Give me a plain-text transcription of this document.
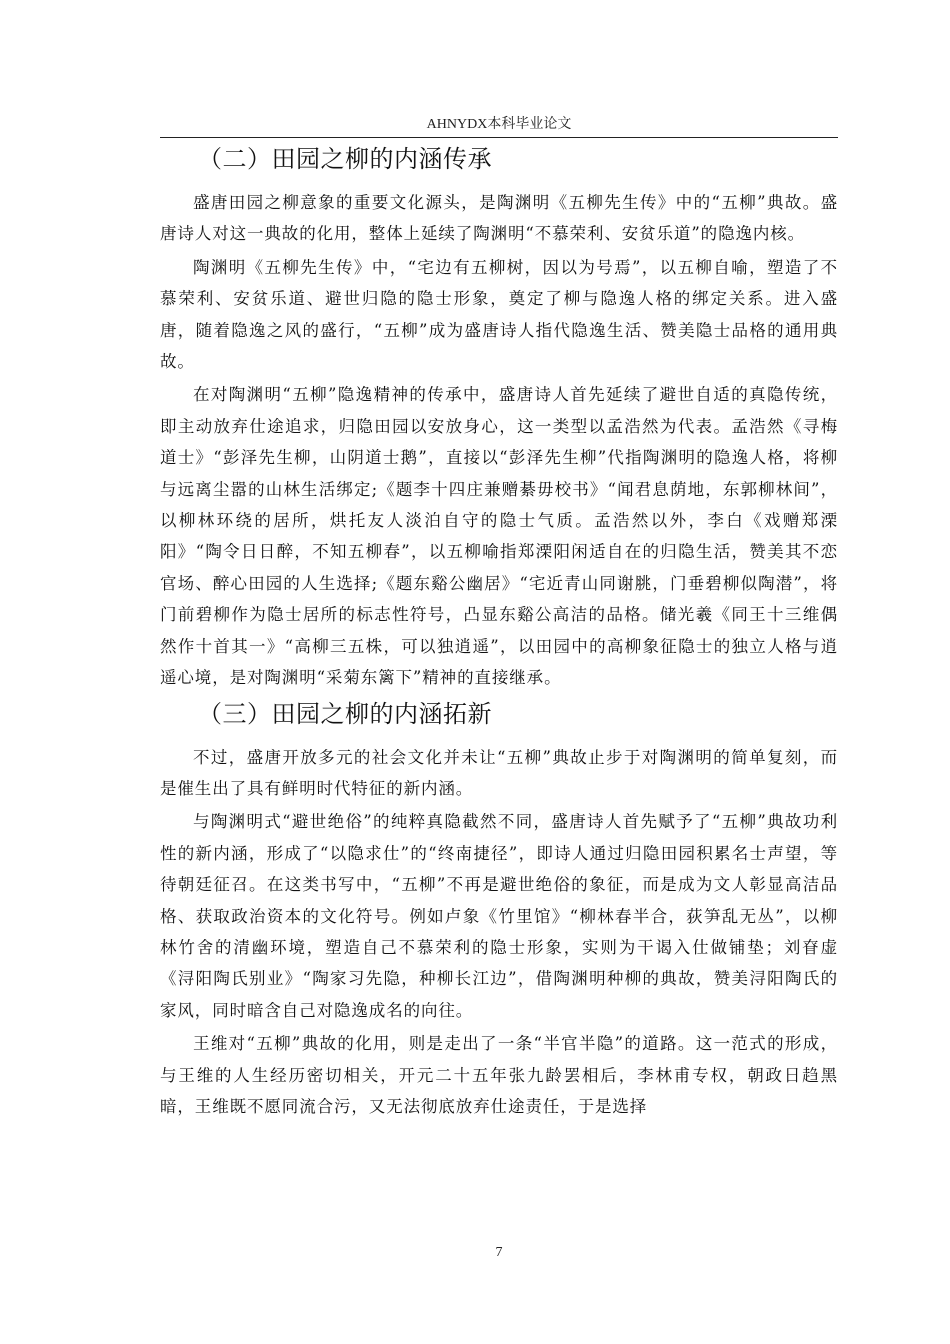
AHNYDX本科毕业论文
（二）田园之柳的内涵传承

盛唐田园之柳意象的重要文化源头，是陶渊明《五柳先生传》中的“五柳”典故。盛唐诗人对这一典故的化用，整体上延续了陶渊明“不慕荣利、安贫乐道”的隐逸内核。

陶渊明《五柳先生传》中，“宅边有五柳树，因以为号焉”，以五柳自喻，塑造了不慕荣利、安贫乐道、避世归隐的隐士形象，奠定了柳与隐逸人格的绑定关系。进入盛唐，随着隐逸之风的盛行，“五柳”成为盛唐诗人指代隐逸生活、赞美隐士品格的通用典故。

在对陶渊明“五柳”隐逸精神的传承中，盛唐诗人首先延续了避世自适的真隐传统，即主动放弃仕途追求，归隐田园以安放身心，这一类型以孟浩然为代表。孟浩然《寻梅道士》“彭泽先生柳，山阴道士鹅”，直接以“彭泽先生柳”代指陶渊明的隐逸人格，将柳与远离尘嚣的山林生活绑定;《题李十四庄兼赠綦毋校书》“闻君息荫地，东郭柳林间”，以柳林环绕的居所，烘托友人淡泊自守的隐士气质。孟浩然以外，李白《戏赠郑溧阳》“陶令日日醉，不知五柳春”，以五柳喻指郑溧阳闲适自在的归隐生活，赞美其不恋官场、醉心田园的人生选择;《题东谿公幽居》“宅近青山同谢脁，门垂碧柳似陶潜”，将门前碧柳作为隐士居所的标志性符号，凸显东谿公高洁的品格。储光羲《同王十三维偶然作十首其一》“高柳三五株，可以独逍遥”，以田园中的高柳象征隐士的独立人格与逍遥心境，是对陶渊明“采菊东篱下”精神的直接继承。

（三）田园之柳的内涵拓新

不过，盛唐开放多元的社会文化并未让“五柳”典故止步于对陶渊明的简单复刻，而是催生出了具有鲜明时代特征的新内涵。

与陶渊明式“避世绝俗”的纯粹真隐截然不同，盛唐诗人首先赋予了“五柳”典故功利性的新内涵，形成了“以隐求仕”的“终南捷径”，即诗人通过归隐田园积累名士声望，等待朝廷征召。在这类书写中，“五柳”不再是避世绝俗的象征，而是成为文人彰显高洁品格、获取政治资本的文化符号。例如卢象《竹里馆》“柳林春半合，荻笋乱无丛”，以柳林竹舍的清幽环境，塑造自己不慕荣利的隐士形象，实则为干谒入仕做铺垫；刘眘虚《浔阳陶氏别业》“陶家习先隐，种柳长江边”，借陶渊明种柳的典故，赞美浔阳陶氏的家风，同时暗含自己对隐逸成名的向往。

王维对“五柳”典故的化用，则是走出了一条“半官半隐”的道路。这一范式的形成，与王维的人生经历密切相关，开元二十五年张九龄罢相后，李林甫专权，朝政日趋黑暗，王维既不愿同流合污，又无法彻底放弃仕途责任，于是选择

7
